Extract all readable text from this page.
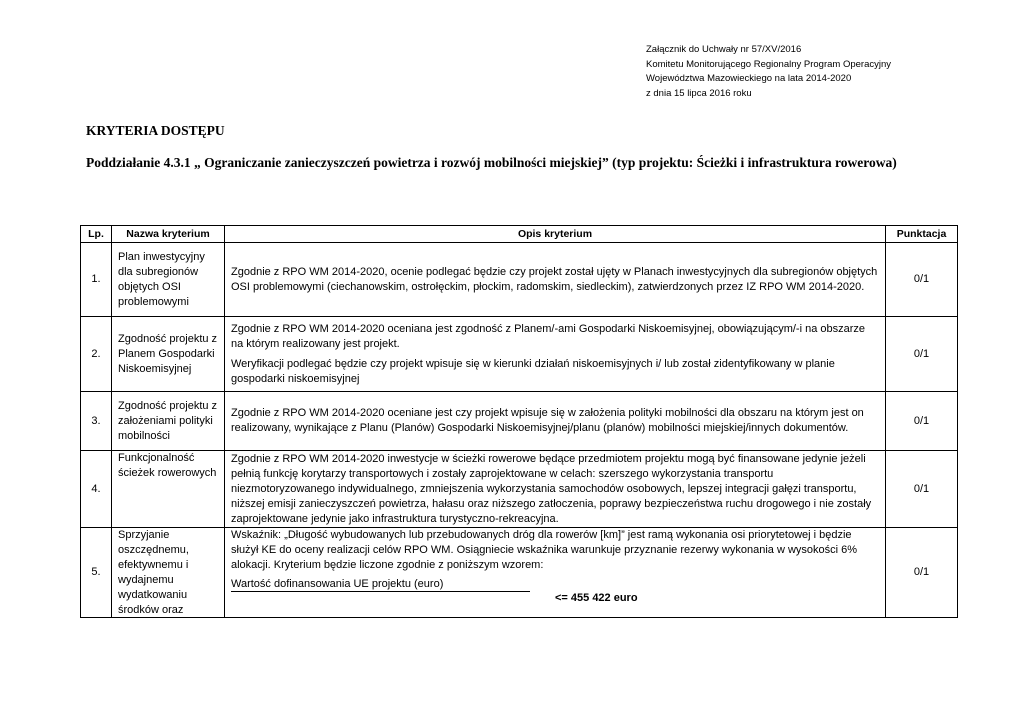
Załącznik do Uchwały nr 57/XV/2016
Komitetu Monitorującego Regionalny Program Operacyjny
Województwa Mazowieckiego na lata 2014-2020
z dnia 15 lipca 2016 roku
KRYTERIA DOSTĘPU
Poddziałanie 4.3.1 „ Ograniczanie zanieczyszczeń powietrza i rozwój mobilności miejskiej” (typ projektu: Ścieżki i infrastruktura rowerowa)
Lp.	Nazwa kryterium	Opis kryterium	Punktacja
1.	Plan inwestycyjny dla subregionów objętych OSI problemowymi	Zgodnie z RPO WM 2014-2020, ocenie podlegać będzie czy projekt został ujęty w Planach inwestycyjnych dla subregionów objętych OSI problemowymi (ciechanowskim, ostrołęckim, płockim, radomskim, siedleckim), zatwierdzonych przez IZ RPO WM 2014-2020.	0/1
2.	Zgodność projektu z Planem Gospodarki Niskoemisyjnej	Zgodnie z RPO WM 2014-2020 oceniana jest zgodność z Planem/-ami Gospodarki Niskoemisyjnej, obowiązującym/-i na obszarze na którym realizowany jest projekt.

Weryfikacji podlegać będzie czy projekt wpisuje się w kierunki działań niskoemisyjnych i/ lub został zidentyfikowany w planie gospodarki niskoemisyjnej	0/1
3.	Zgodność projektu z założeniami polityki mobilności	Zgodnie z RPO WM 2014-2020 oceniane jest czy projekt wpisuje się w założenia polityki mobilności dla obszaru na którym jest on realizowany, wynikające z Planu (Planów) Gospodarki Niskoemisyjnej/planu (planów) mobilności miejskiej/innych dokumentów.	0/1
4.	Funkcjonalność ścieżek rowerowych	Zgodnie z RPO WM 2014-2020 inwestycje w ścieżki rowerowe będące przedmiotem projektu mogą być finansowane jedynie jeżeli pełnią funkcję korytarzy transportowych i zostały zaprojektowane w celach: szerszego wykorzystania transportu niezmotoryzowanego indywidualnego, zmniejszenia wykorzystania samochodów osobowych, lepszej integracji gałęzi transportu, niższej emisji zanieczyszczeń powietrza, hałasu oraz niższego zatłoczenia, poprawy bezpieczeństwa ruchu drogowego i nie zostały zaprojektowane jedynie jako infrastruktura turystyczno-rekreacyjna.	0/1
5.	Sprzyjanie oszczędnemu, efektywnemu i wydajnemu wydatkowaniu środków oraz	Wskaźnik: „Długość wybudowanych lub przebudowanych dróg dla rowerów [km]” jest ramą wykonania osi priorytetowej i będzie służył KE do oceny realizacji celów RPO WM. Osiągniecie wskaźnika warunkuje przyznanie rezerwy wykonania w wysokości 6% alokacji. Kryterium będzie liczone zgodnie z poniższym wzorem:

Wartość dofinansowania UE projektu (euro)
<= 455 422 euro	0/1
